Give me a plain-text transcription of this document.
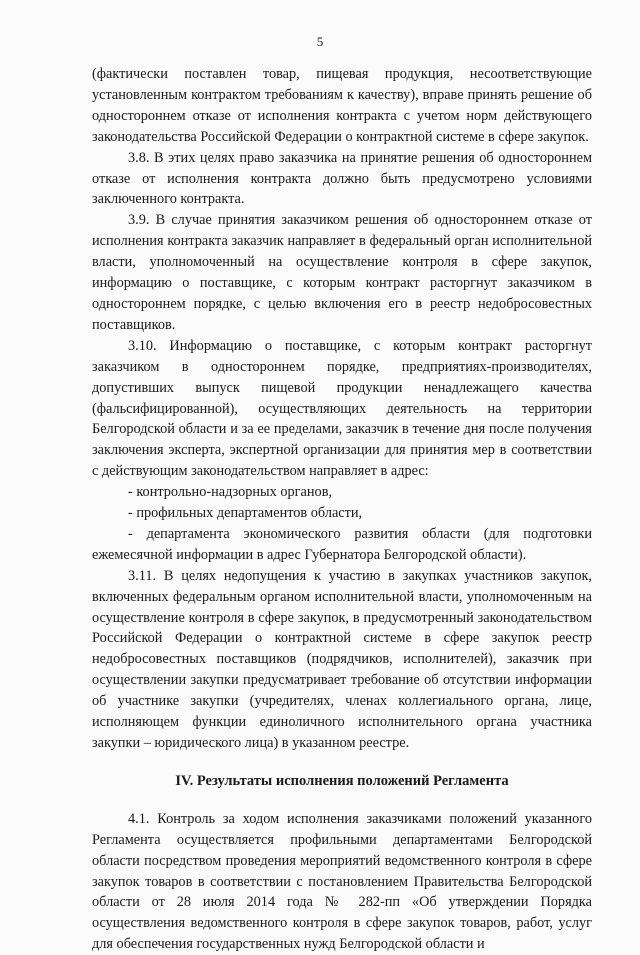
5

(фактически поставлен товар, пищевая продукция, несоответствующие установленным контрактом требованиям к качеству), вправе принять решение об одностороннем отказе от исполнения контракта с учетом норм действующего законодательства Российской Федерации о контрактной системе в сфере закупок.

3.8. В этих целях право заказчика на принятие решения об одностороннем отказе от исполнения контракта должно быть предусмотрено условиями заключенного контракта.

3.9. В случае принятия заказчиком решения об одностороннем отказе от исполнения контракта заказчик направляет в федеральный орган исполнительной власти, уполномоченный на осуществление контроля в сфере закупок, информацию о поставщике, с которым контракт расторгнут заказчиком в одностороннем порядке, с целью включения его в реестр недобросовестных поставщиков.

3.10. Информацию о поставщике, с которым контракт расторгнут заказчиком в одностороннем порядке, предприятиях-производителях, допустивших выпуск пищевой продукции ненадлежащего качества (фальсифицированной), осуществляющих деятельность на территории Белгородской области и за ее пределами, заказчик в течение дня после получения заключения эксперта, экспертной организации для принятия мер в соответствии с действующим законодательством направляет в адрес:

- контрольно-надзорных органов,

- профильных департаментов области,

- департамента экономического развития области (для подготовки ежемесячной информации в адрес Губернатора Белгородской области).

3.11. В целях недопущения к участию в закупках участников закупок, включенных федеральным органом исполнительной власти, уполномоченным на осуществление контроля в сфере закупок, в предусмотренный законодательством Российской Федерации о контрактной системе в сфере закупок реестр недобросовестных поставщиков (подрядчиков, исполнителей), заказчик при осуществлении закупки предусматривает требование об отсутствии информации об участнике закупки (учредителях, членах коллегиального органа, лице, исполняющем функции единоличного исполнительного органа участника закупки – юридического лица) в указанном реестре.

IV. Результаты исполнения положений Регламента

4.1. Контроль за ходом исполнения заказчиками положений указанного Регламента осуществляется профильными департаментами Белгородской области посредством проведения мероприятий ведомственного контроля в сфере закупок товаров в соответствии с постановлением Правительства Белгородской области от 28 июля 2014 года № 282-пп «Об утверждении Порядка осуществления ведомственного контроля в сфере закупок товаров, работ, услуг для обеспечения государственных нужд Белгородской области и
